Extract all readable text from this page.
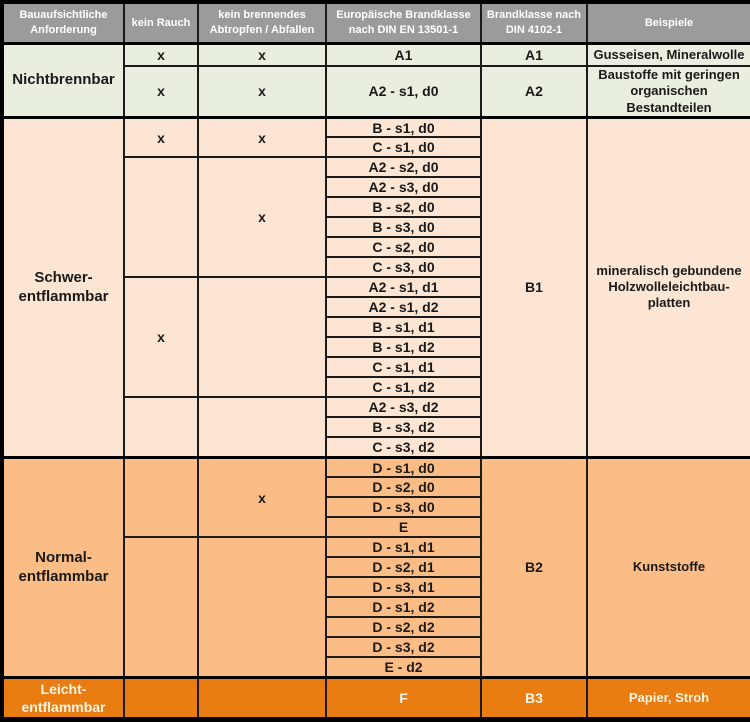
Bauaufsichtliche Anforderung	kein Rauch	kein brennendes Abtropfen / Abfallen	Europäische Brandklasse nach DIN EN 13501-1	Brandklasse nach DIN 4102-1	Beispiele
Nichtbrennbar	x	x	A1	A1	Gusseisen, Mineralwolle
	x	x	A2 - s1, d0	A2	Baustoffe mit geringen organischen Bestandteilen
Schwer-entflammbar	x	x	B - s1, d0	B1	mineralisch gebundene Holzwolleleichtbau-platten
			C - s1, d0		
		x	A2 - s2, d0		
			A2 - s3, d0		
			B - s2, d0		
			B - s3, d0		
			C - s2, d0		
			C - s3, d0		
	x		A2 - s1, d1		
			A2 - s1, d2		
			B - s1, d1		
			B - s1, d2		
			C - s1, d1		
			C - s1, d2		
			A2 - s3, d2		
			B - s3, d2		
			C - s3, d2		
Normal-entflammbar		x	D - s1, d0	B2	Kunststoffe
			D - s2, d0		
			D - s3, d0		
			E		
			D - s1, d1		
			D - s2, d1		
			D - s3, d1		
			D - s1, d2		
			D - s2, d2		
			D - s3, d2		
			E - d2		
Leicht-entflammbar			F	B3	Papier, Stroh
